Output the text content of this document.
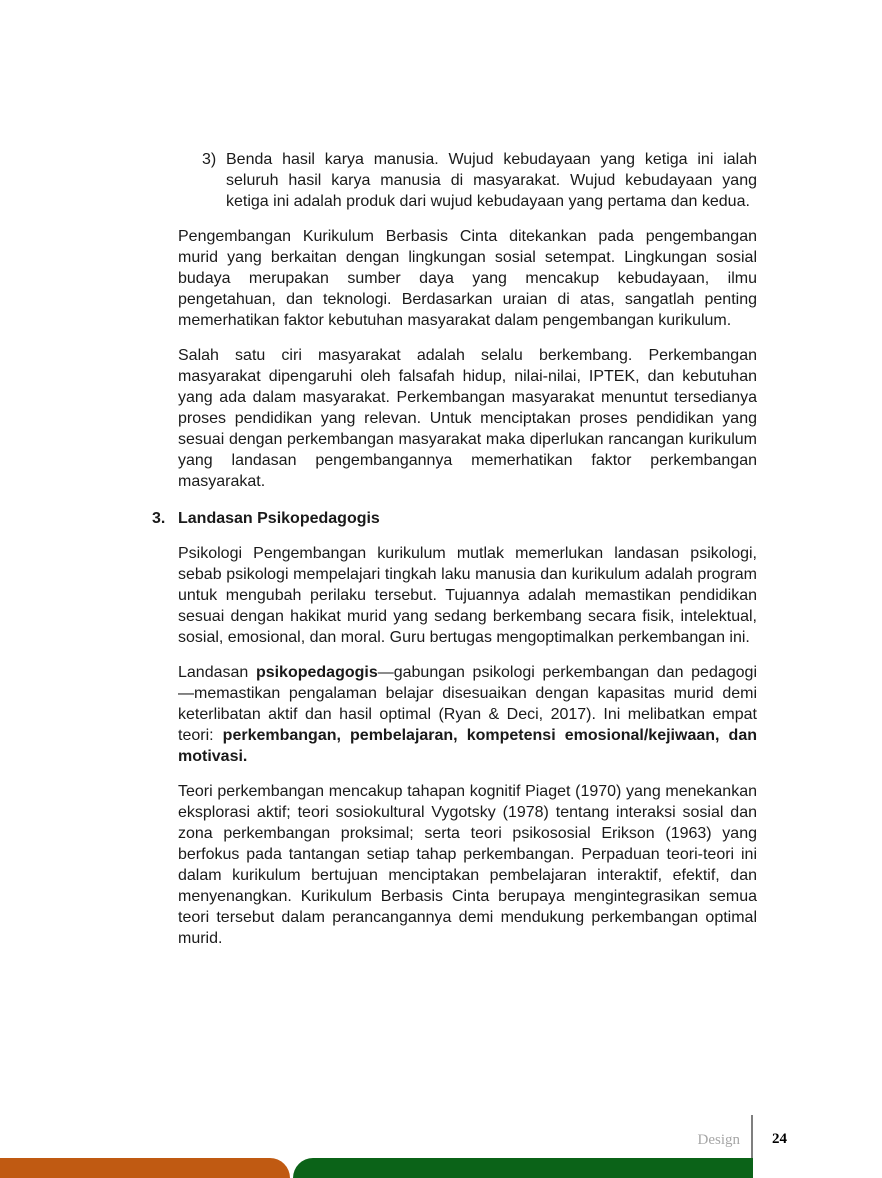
3) Benda hasil karya manusia. Wujud kebudayaan yang ketiga ini ialah seluruh hasil karya manusia di masyarakat. Wujud kebudayaan yang ketiga ini adalah produk dari wujud kebudayaan yang pertama dan kedua.

Pengembangan Kurikulum Berbasis Cinta ditekankan pada pengembangan murid yang berkaitan dengan lingkungan sosial setempat. Lingkungan sosial budaya merupakan sumber daya yang mencakup kebudayaan, ilmu pengetahuan, dan teknologi. Berdasarkan uraian di atas, sangatlah penting memerhatikan faktor kebutuhan masyarakat dalam pengembangan kurikulum.

Salah satu ciri masyarakat adalah selalu berkembang. Perkembangan masyarakat dipengaruhi oleh falsafah hidup, nilai-nilai, IPTEK, dan kebutuhan yang ada dalam masyarakat. Perkembangan masyarakat menuntut tersedianya proses pendidikan yang relevan. Untuk menciptakan proses pendidikan yang sesuai dengan perkembangan masyarakat maka diperlukan rancangan kurikulum yang landasan pengembangannya memerhatikan faktor perkembangan masyarakat.

3. Landasan Psikopedagogis

Psikologi Pengembangan kurikulum mutlak memerlukan landasan psikologi, sebab psikologi mempelajari tingkah laku manusia dan kurikulum adalah program untuk mengubah perilaku tersebut. Tujuannya adalah memastikan pendidikan sesuai dengan hakikat murid yang sedang berkembang secara fisik, intelektual, sosial, emosional, dan moral. Guru bertugas mengoptimalkan perkembangan ini.

Landasan psikopedagogis—gabungan psikologi perkembangan dan pedagogi—memastikan pengalaman belajar disesuaikan dengan kapasitas murid demi keterlibatan aktif dan hasil optimal (Ryan & Deci, 2017). Ini melibatkan empat teori: perkembangan, pembelajaran, kompetensi emosional/kejiwaan, dan motivasi.

Teori perkembangan mencakup tahapan kognitif Piaget (1970) yang menekankan eksplorasi aktif; teori sosiokultural Vygotsky (1978) tentang interaksi sosial dan zona perkembangan proksimal; serta teori psikososial Erikson (1963) yang berfokus pada tantangan setiap tahap perkembangan. Perpaduan teori-teori ini dalam kurikulum bertujuan menciptakan pembelajaran interaktif, efektif, dan menyenangkan. Kurikulum Berbasis Cinta berupaya mengintegrasikan semua teori tersebut dalam perancangannya demi mendukung perkembangan optimal murid.

Design 24
